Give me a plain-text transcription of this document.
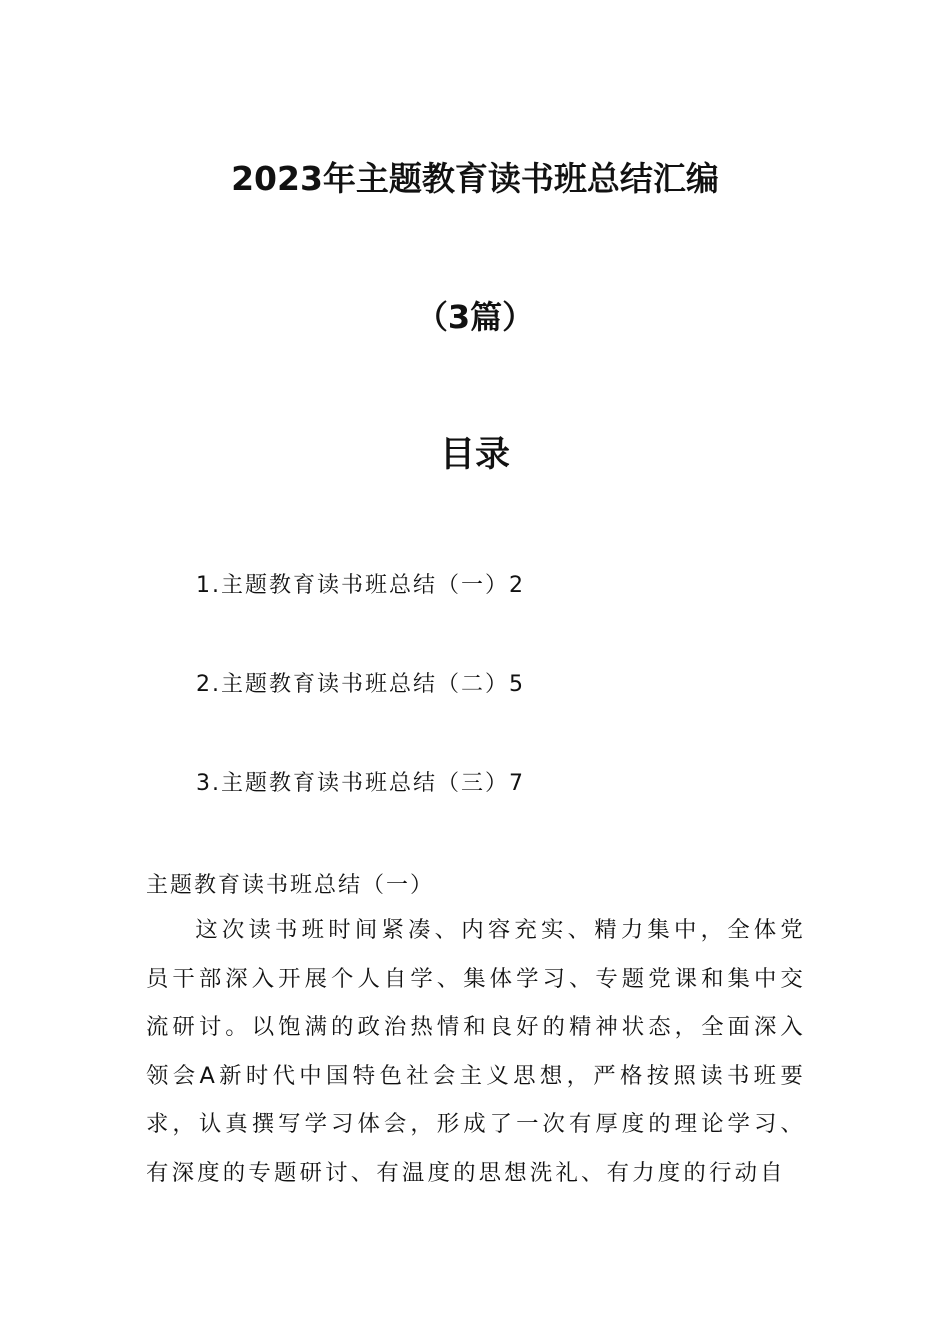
2023年主题教育读书班总结汇编
（3篇）
目录
1.主题教育读书班总结（一）2
2.主题教育读书班总结（二）5
3.主题教育读书班总结（三）7
主题教育读书班总结（一）

这次读书班时间紧凑、内容充实、精力集中，全体党员干部深入开展个人自学、集体学习、专题党课和集中交流研讨。以饱满的政治热情和良好的精神状态，全面深入领会A新时代中国特色社会主义思想，严格按照读书班要求，认真撰写学习体会，形成了一次有厚度的理论学习、有深度的专题研讨、有温度的思想洗礼、有力度的行动自
